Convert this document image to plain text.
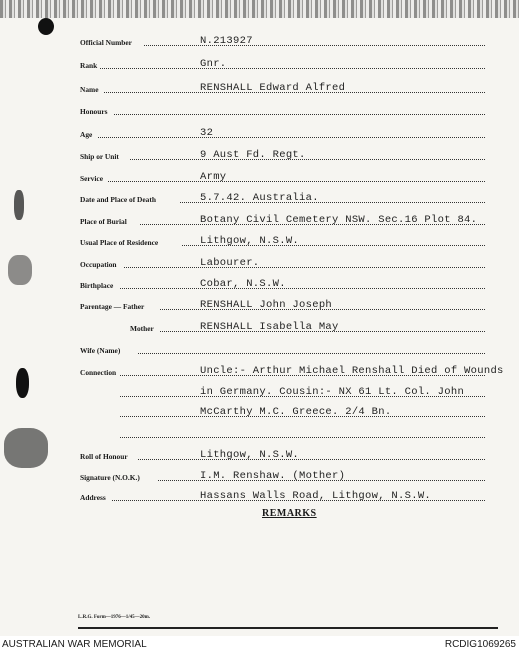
Official Number	N.213927
Rank	Gnr.
Name	RENSHALL Edward Alfred
Honours
Age	32
Ship or Unit	9 Aust Fd. Regt.
Service	Army
Date and Place of Death	5.7.42. Australia.
Place of Burial	Botany Civil Cemetery NSW. Sec.16 Plot 84.
Usual Place of Residence	Lithgow, N.S.W.
Occupation	Labourer.
Birthplace	Cobar, N.S.W.
Parentage — Father	RENSHALL John Joseph
Mother	RENSHALL Isabella May
Wife (Name)
Connection	Uncle:- Arthur Michael Renshall Died of Wounds
in Germany. Cousin:- NX 61 Lt. Col. John
McCarthy M.C. Greece. 2/4 Bn.
Roll of Honour	Lithgow, N.S.W.
Signature (N.O.K.)	I.M. Renshaw. (Mother)
Address	Hassans Walls Road, Lithgow, N.S.W.
REMARKS
L.R.G. Form—1976—1/45—20m.
AUSTRALIAN WAR MEMORIAL	RCDIG1069265
